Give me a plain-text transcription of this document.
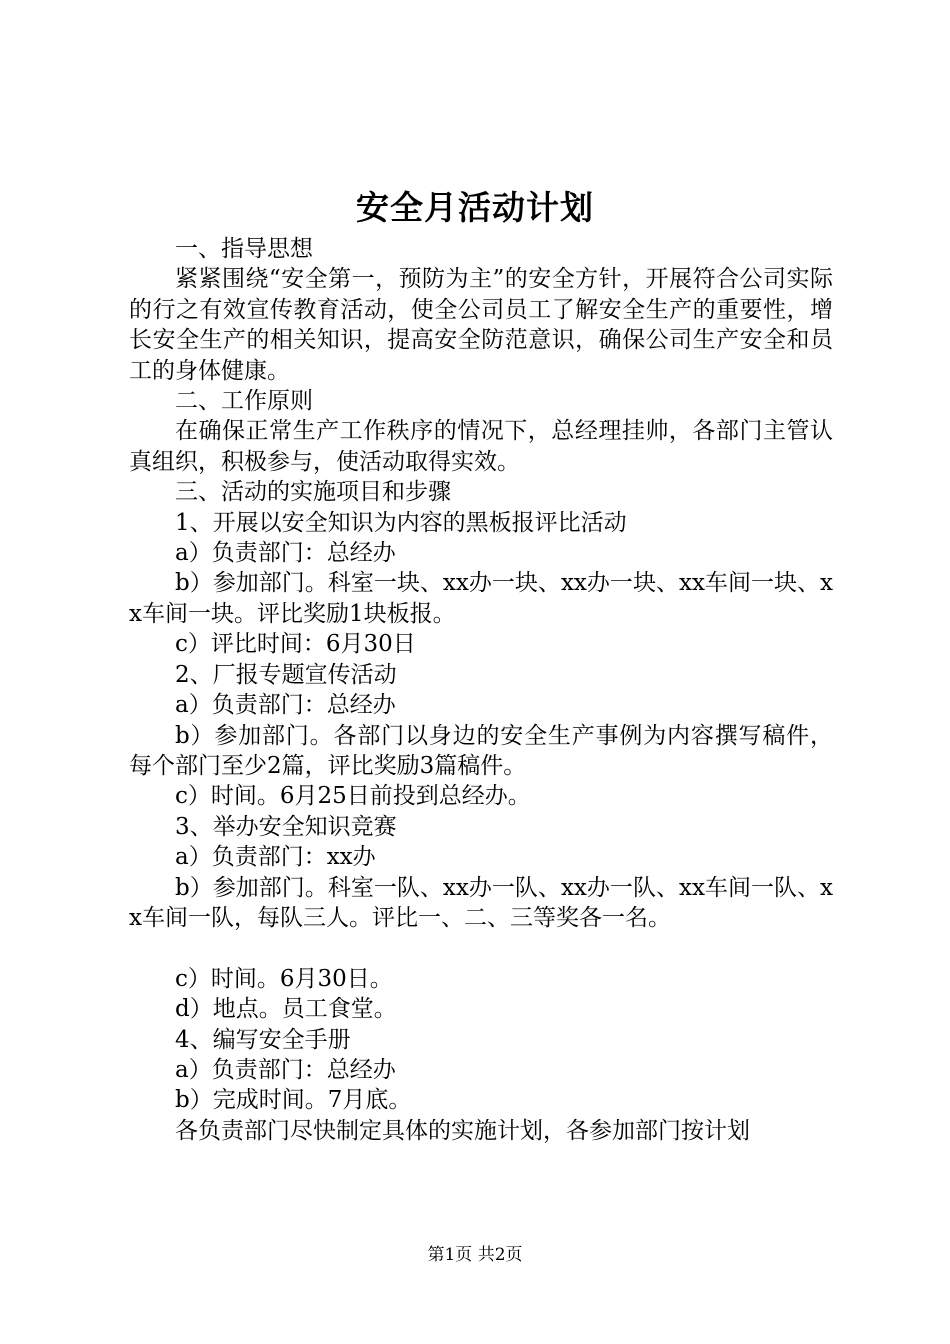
安全月活动计划

一、指导思想

紧紧围绕“安全第一，预防为主”的安全方针，开展符合公司实际的行之有效宣传教育活动，使全公司员工了解安全生产的重要性，增长安全生产的相关知识，提高安全防范意识，确保公司生产安全和员工的身体健康。

二、工作原则

在确保正常生产工作秩序的情况下，总经理挂帅，各部门主管认真组织，积极参与，使活动取得实效。

三、活动的实施项目和步骤

1、开展以安全知识为内容的黑板报评比活动

a）负责部门：总经办

b）参加部门。科室一块、xx办一块、xx办一块、xx车间一块、xx车间一块。评比奖励1块板报。

c）评比时间：6月30日

2、厂报专题宣传活动

a）负责部门：总经办

b）参加部门。各部门以身边的安全生产事例为内容撰写稿件，每个部门至少2篇，评比奖励3篇稿件。

c）时间。6月25日前投到总经办。

3、举办安全知识竞赛

a）负责部门：xx办

b）参加部门。科室一队、xx办一队、xx办一队、xx车间一队、xx车间一队，每队三人。评比一、二、三等奖各一名。

c）时间。6月30日。

d）地点。员工食堂。

4、编写安全手册

a）负责部门：总经办

b）完成时间。7月底。

各负责部门尽快制定具体的实施计划，各参加部门按计划

第1页 共2页
